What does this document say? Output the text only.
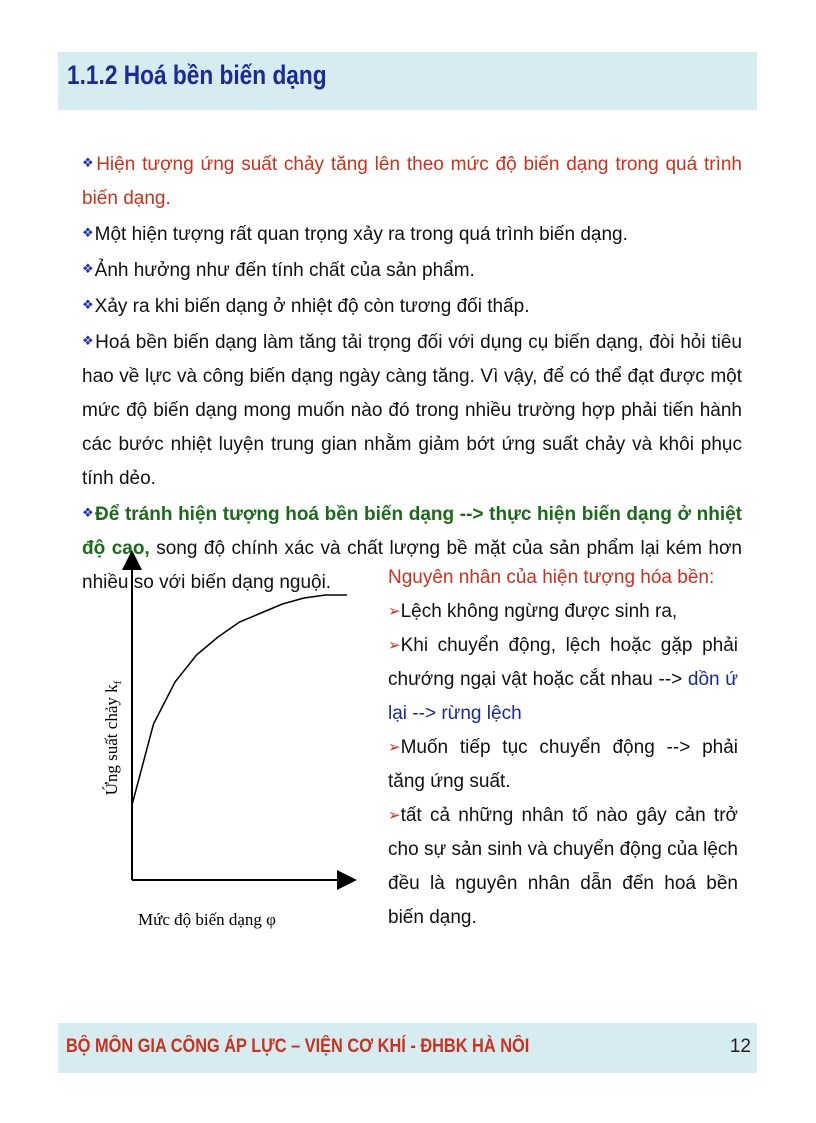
1.1.2 Hoá bền biến dạng

❖Hiện tượng ứng suất chảy tăng lên theo mức độ biến dạng trong quá trình biến dạng.

❖Một hiện tượng rất quan trọng xảy ra trong quá trình biến dạng.

❖Ảnh hưởng như đến tính chất của sản phẩm.

❖Xảy ra khi biến dạng ở nhiệt độ còn tương đối thấp.

❖Hoá bền biến dạng làm tăng tải trọng đối với dụng cụ biến dạng, đòi hỏi tiêu hao về lực và công biến dạng ngày càng tăng. Vì vậy, để có thể đạt được một mức độ biến dạng mong muốn nào đó trong nhiều trường hợp phải tiến hành các bước nhiệt luyện trung gian nhằm giảm bớt ứng suất chảy và khôi phục tính dẻo.

❖Để tránh hiện tượng hoá bền biến dạng --> thực hiện biến dạng ở nhiệt độ cao, song độ chính xác và chất lượng bề mặt của sản phẩm lại kém hơn nhiều so với biến dạng nguội.

Ứng suất chảy $k_f$
Mức độ biến dạng φ
Nguyên nhân của hiện tượng hóa bền:

➢Lệch không ngừng được sinh ra,

➢Khi chuyển động, lệch hoặc gặp phải chướng ngại vật hoặc cắt nhau --> dồn ứ lại --> rừng lệch

➢Muốn tiếp tục chuyển động --> phải tăng ứng suất.

➢tất cả những nhân tố nào gây cản trở cho sự sản sinh và chuyển động của lệch đều là nguyên nhân dẫn đến hoá bền biến dạng.

BỘ MÔN GIA CÔNG ÁP LỰC – VIỆN CƠ KHÍ - ĐHBK HÀ NÔI	12
